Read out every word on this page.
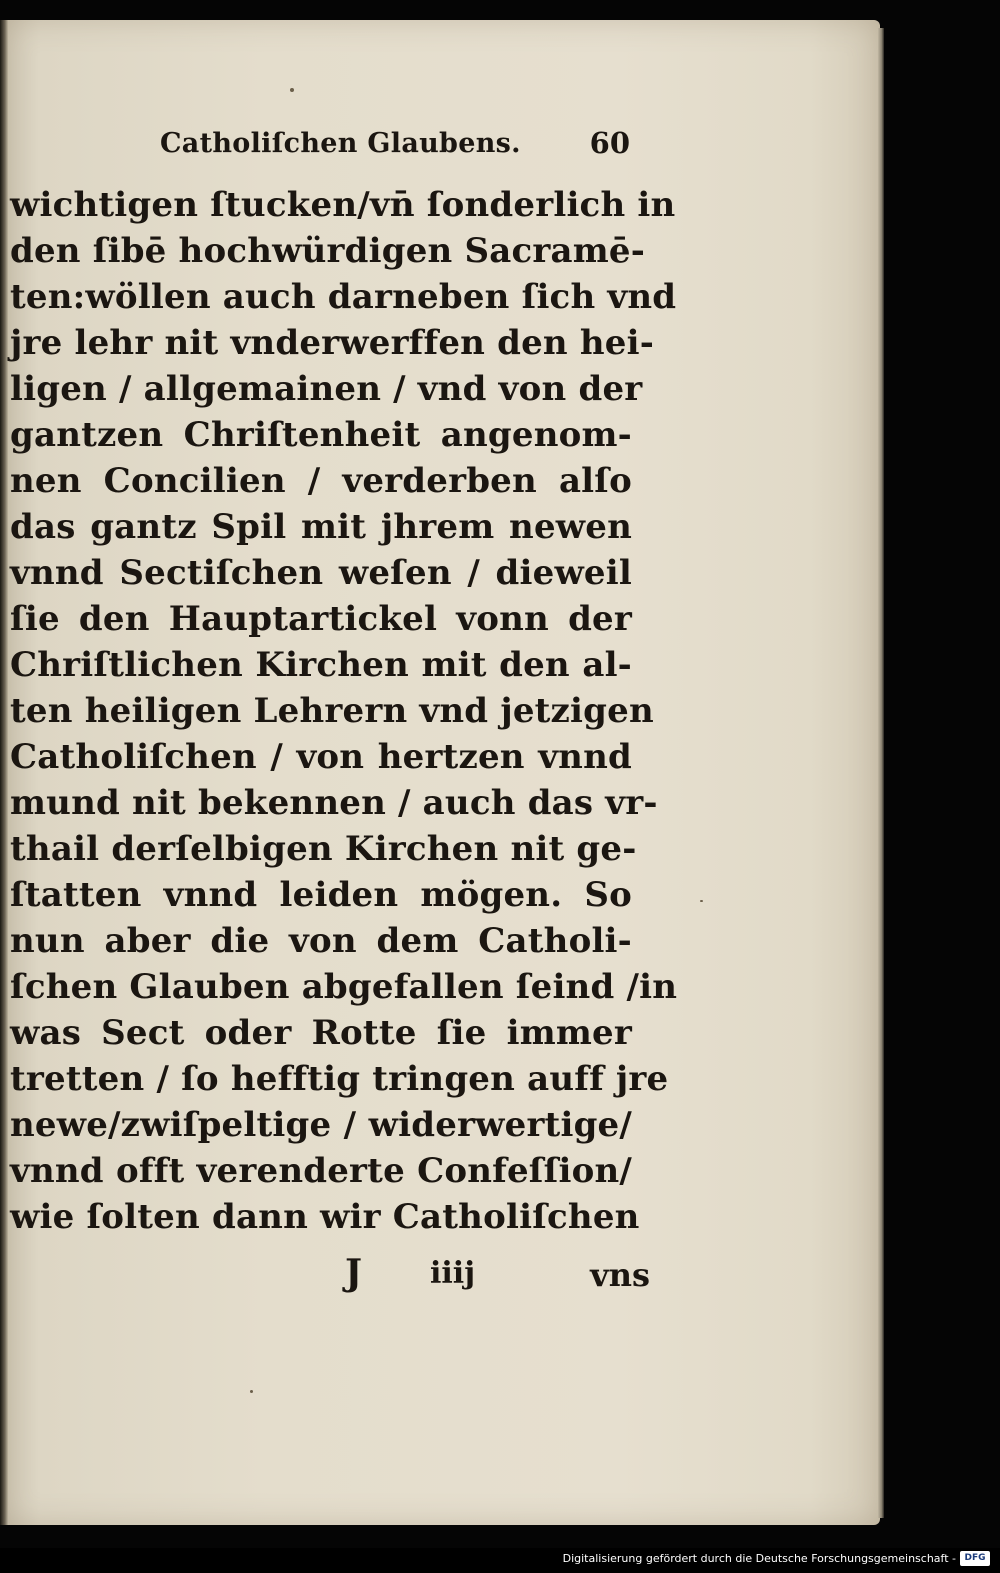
Catholiſchen Glaubens. 60
wichtigen ſtucken/vn̄ ſonderlich in
den ſibē hochwürdigen Sacramē-
ten:wöllen auch darneben ſich vnd
jre lehr nit vnderwerffen den hei-
ligen / allgemainen / vnd von der
gantzen Chriſtenheit angenom-
nen Concilien / verderben alſo
das gantz Spil mit jhrem newen
vnnd Sectiſchen weſen / dieweil
ſie den Hauptartickel vonn der
Chriſtlichen Kirchen mit den al-
ten heiligen Lehrern vnd jetzigen
Catholiſchen / von hertzen vnnd
mund nit bekennen / auch das vr-
thail derſelbigen Kirchen nit ge-
ſtatten vnnd leiden mögen. So
nun aber die von dem Catholi-
ſchen Glauben abgefallen ſeind /in
was Sect oder Rotte ſie immer
tretten / ſo hefftig tringen auff jre
newe/zwiſpeltige / widerwertige/
vnnd offt verenderte Confeſſion/
wie ſolten dann wir Catholiſchen
J iiij	vns
Digitalisierung gefördert durch die Deutsche Forschungsgemeinschaft - DFG
